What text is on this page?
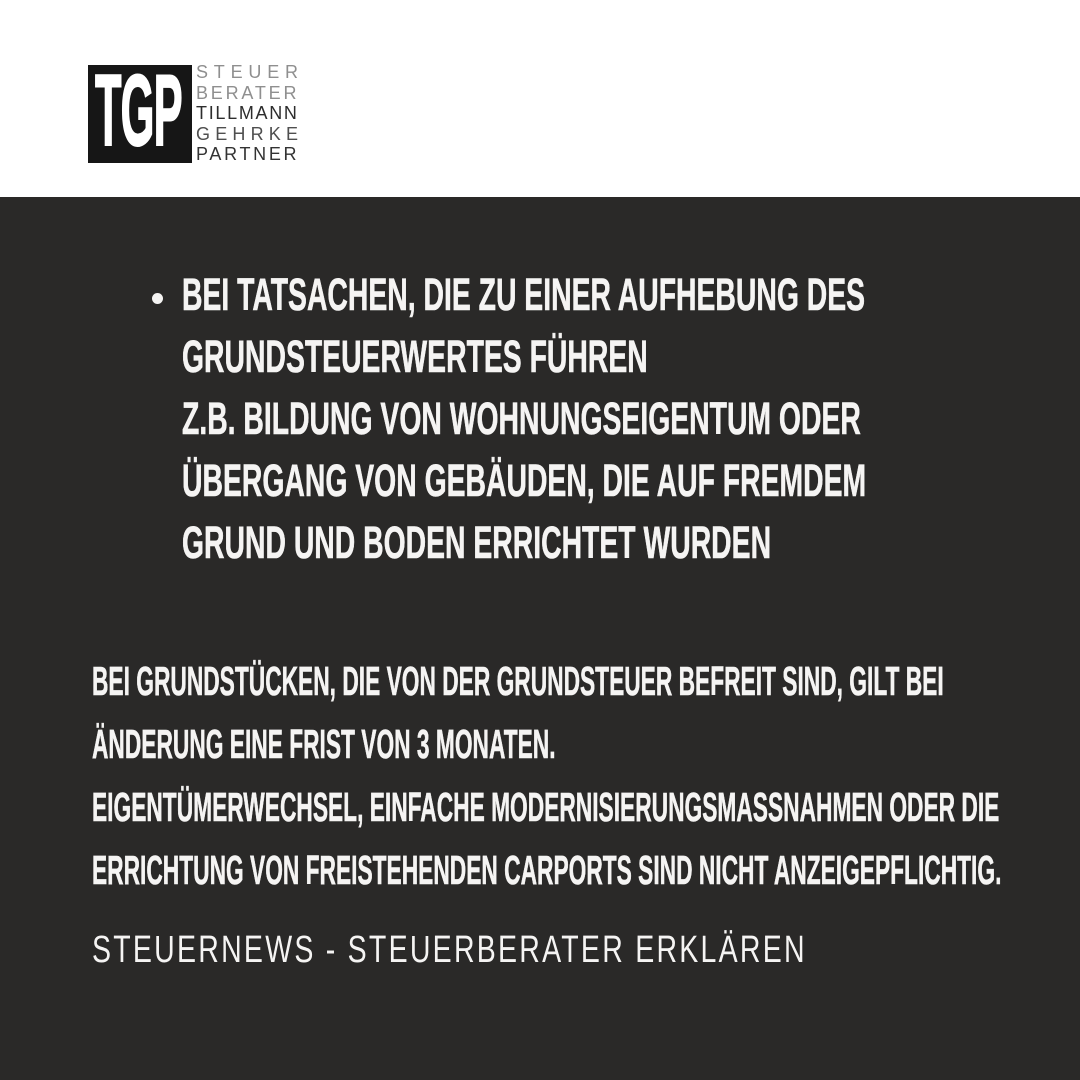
TGP STEUER
BERATER
TILLMANN
GEHRKE
PARTNER
BEI TATSACHEN, DIE ZU EINER AUFHEBUNG DES
GRUNDSTEUERWERTES FÜHREN
Z.B. BILDUNG VON WOHNUNGSEIGENTUM ODER
ÜBERGANG VON GEBÄUDEN, DIE AUF FREMDEM
GRUND UND BODEN ERRICHTET WURDEN
BEI GRUNDSTÜCKEN, DIE VON DER GRUNDSTEUER BEFREIT SIND, GILT BEI
ÄNDERUNG EINE FRIST VON 3 MONATEN.
EIGENTÜMERWECHSEL, EINFACHE MODERNISIERUNGSMASSNAHMEN ODER DIE
ERRICHTUNG VON FREISTEHENDEN CARPORTS SIND NICHT ANZEIGEPFLICHTIG.
STEUERNEWS - STEUERBERATER ERKLÄREN
